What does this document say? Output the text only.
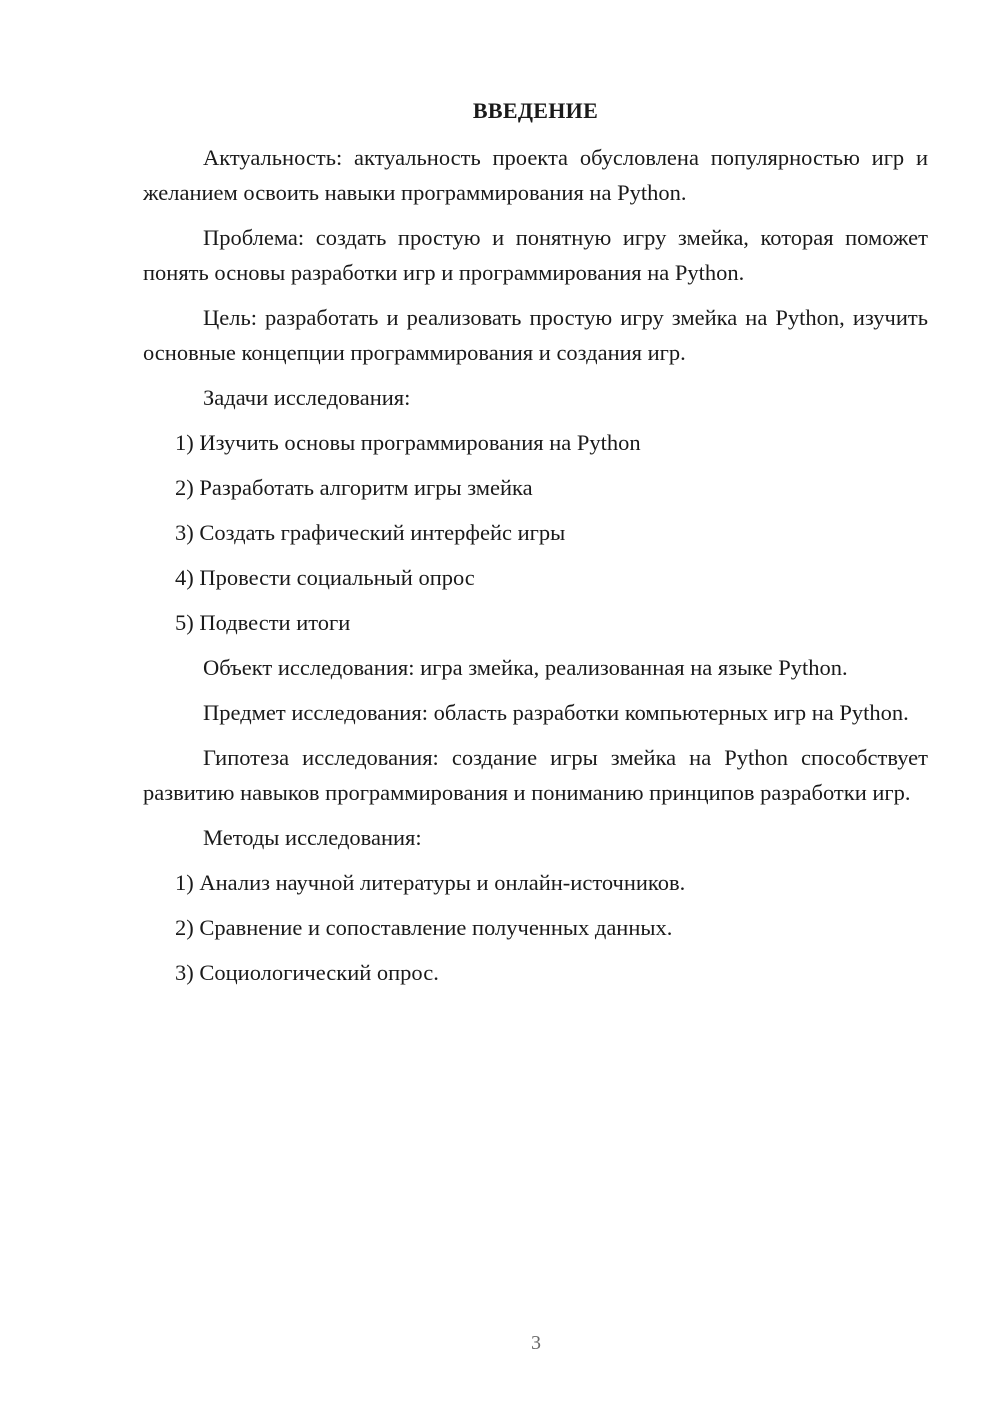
ВВЕДЕНИЕ

Актуальность: актуальность проекта обусловлена популярностью игр и желанием освоить навыки программирования на Python.

Проблема: создать простую и понятную игру змейка, которая поможет понять основы разработки игр и программирования на Python.

Цель: разработать и реализовать простую игру змейка на Python, изучить основные концепции программирования и создания игр.

Задачи исследования:

1) Изучить основы программирования на Python
2) Разработать алгоритм игры змейка
3) Создать графический интерфейс игры
4) Провести социальный опрос
5) Подвести итоги

Объект исследования: игра змейка, реализованная на языке Python.

Предмет исследования: область разработки компьютерных игр на Python.

Гипотеза исследования: создание игры змейка на Python способствует развитию навыков программирования и пониманию принципов разработки игр.

Методы исследования:

1) Анализ научной литературы и онлайн-источников.
2) Сравнение и сопоставление полученных данных.
3) Социологический опрос.
3
